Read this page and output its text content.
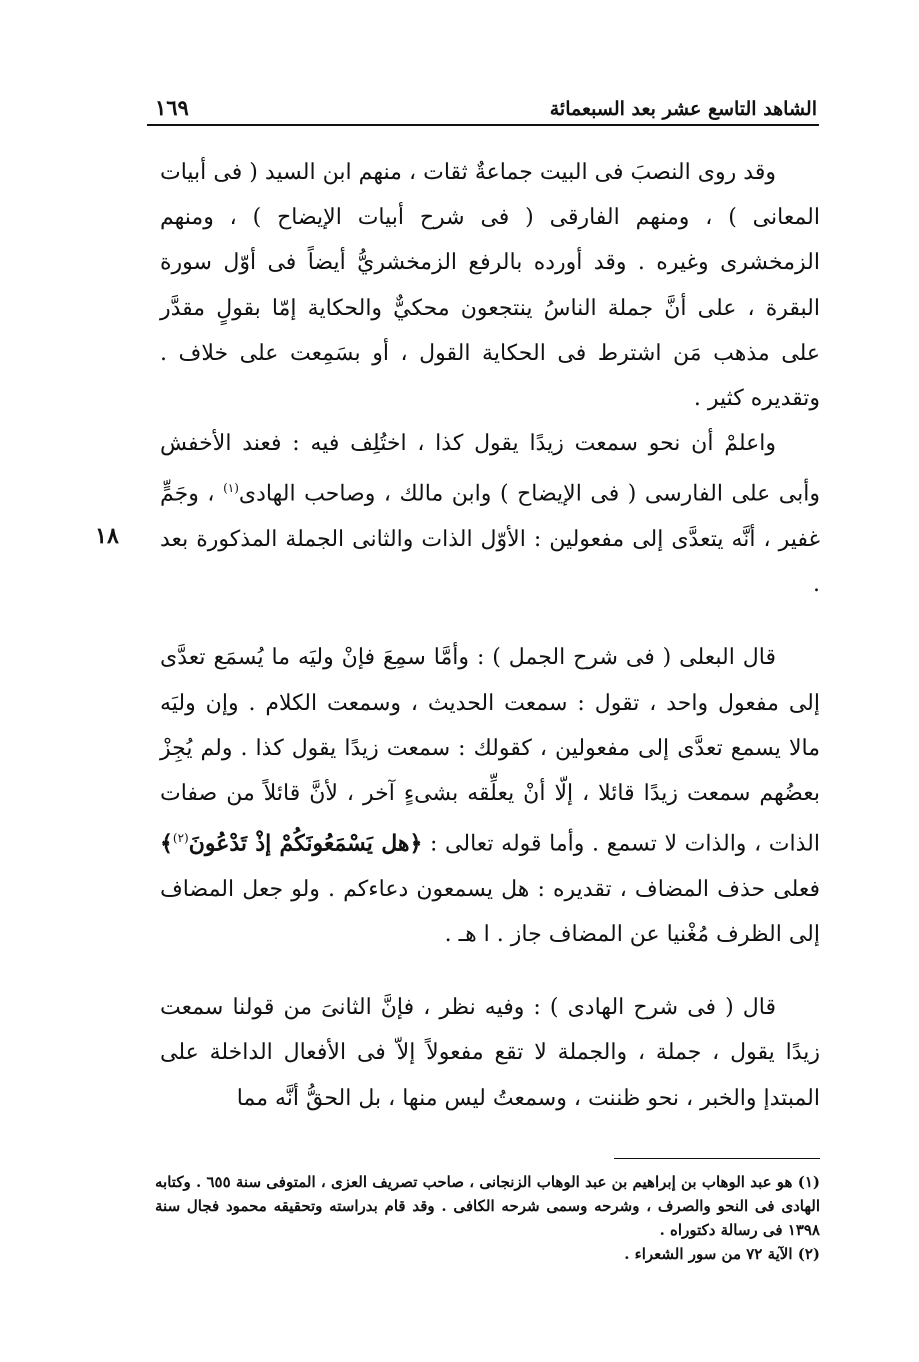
١٦٩	الشاهد التاسع عشر بعد السبعمائة
١٨

وقد روى النصبَ فى البيت جماعةٌ ثقات ، منهم ابن السيد ( فى أبيات المعانى ) ، ومنهم الفارقى ( فى شرح أبيات الإيضاح ) ، ومنهم الزمخشرى وغيره . وقد أورده بالرفع الزمخشريُّ أيضاً فى أوّل سورة البقرة ، على أنَّ جملة الناسُ ينتجعون محكيٌّ والحكاية إمّا بقولٍ مقدَّر على مذهب مَن اشترط فى الحكاية القول ، أو بسَمِعت على خلاف . وتقديره كثير .

واعلمْ أن نحو سمعت زيدًا يقول كذا ، اختُلِف فيه : فعند الأخفش وأبى على الفارسى ( فى الإيضاح ) وابن مالك ، وصاحب الهادى$^{(١)}$ ، وجَمٍّ غفير ، أنَّه يتعدَّى إلى مفعولين : الأوّل الذات والثانى الجملة المذكورة بعد .

قال البعلى ( فى شرح الجمل ) : وأمَّا سمِعَ فإنْ وليَه ما يُسمَع تعدَّى إلى مفعول واحد ، تقول : سمعت الحديث ، وسمعت الكلام . وإن وليَه مالا يسمع تعدَّى إلى مفعولين ، كقولك : سمعت زيدًا يقول كذا . ولم يُجِزْ بعضُهم سمعت زيدًا قائلا ، إلّا أنْ يعلِّقه بشىءٍ آخر ، لأنَّ قائلاً من صفات الذات ، والذات لا تسمع . وأما قوله تعالى : ﴿هل يَسْمَعُونَكُمْ إذْ تَدْعُونَ$^{(٢)}$﴾ فعلى حذف المضاف ، تقديره : هل يسمعون دعاءكم . ولو جعل المضاف إلى الظرف مُغْنيا عن المضاف جاز . ا هـ .

قال ( فى شرح الهادى ) : وفيه نظر ، فإنَّ الثانىَ من قولنا سمعت زيدًا يقول ، جملة ، والجملة لا تقع مفعولاً إلاّ فى الأفعال الداخلة على المبتدإ والخبر ، نحو ظننت ، وسمعتُ ليس منها ، بل الحقُّ أنَّه مما

(١) هو عبد الوهاب بن إبراهيم بن عبد الوهاب الزنجانى ، صاحب تصريف العزى ، المتوفى سنة ٦٥٥ . وكتابه الهادى فى النحو والصرف ، وشرحه وسمى شرحه الكافى . وقد قام بدراسته وتحقيقه محمود فجال سنة ١٣٩٨ فى رسالة دكتوراه .

(٢) الآية ٧٢ من سور الشعراء .
